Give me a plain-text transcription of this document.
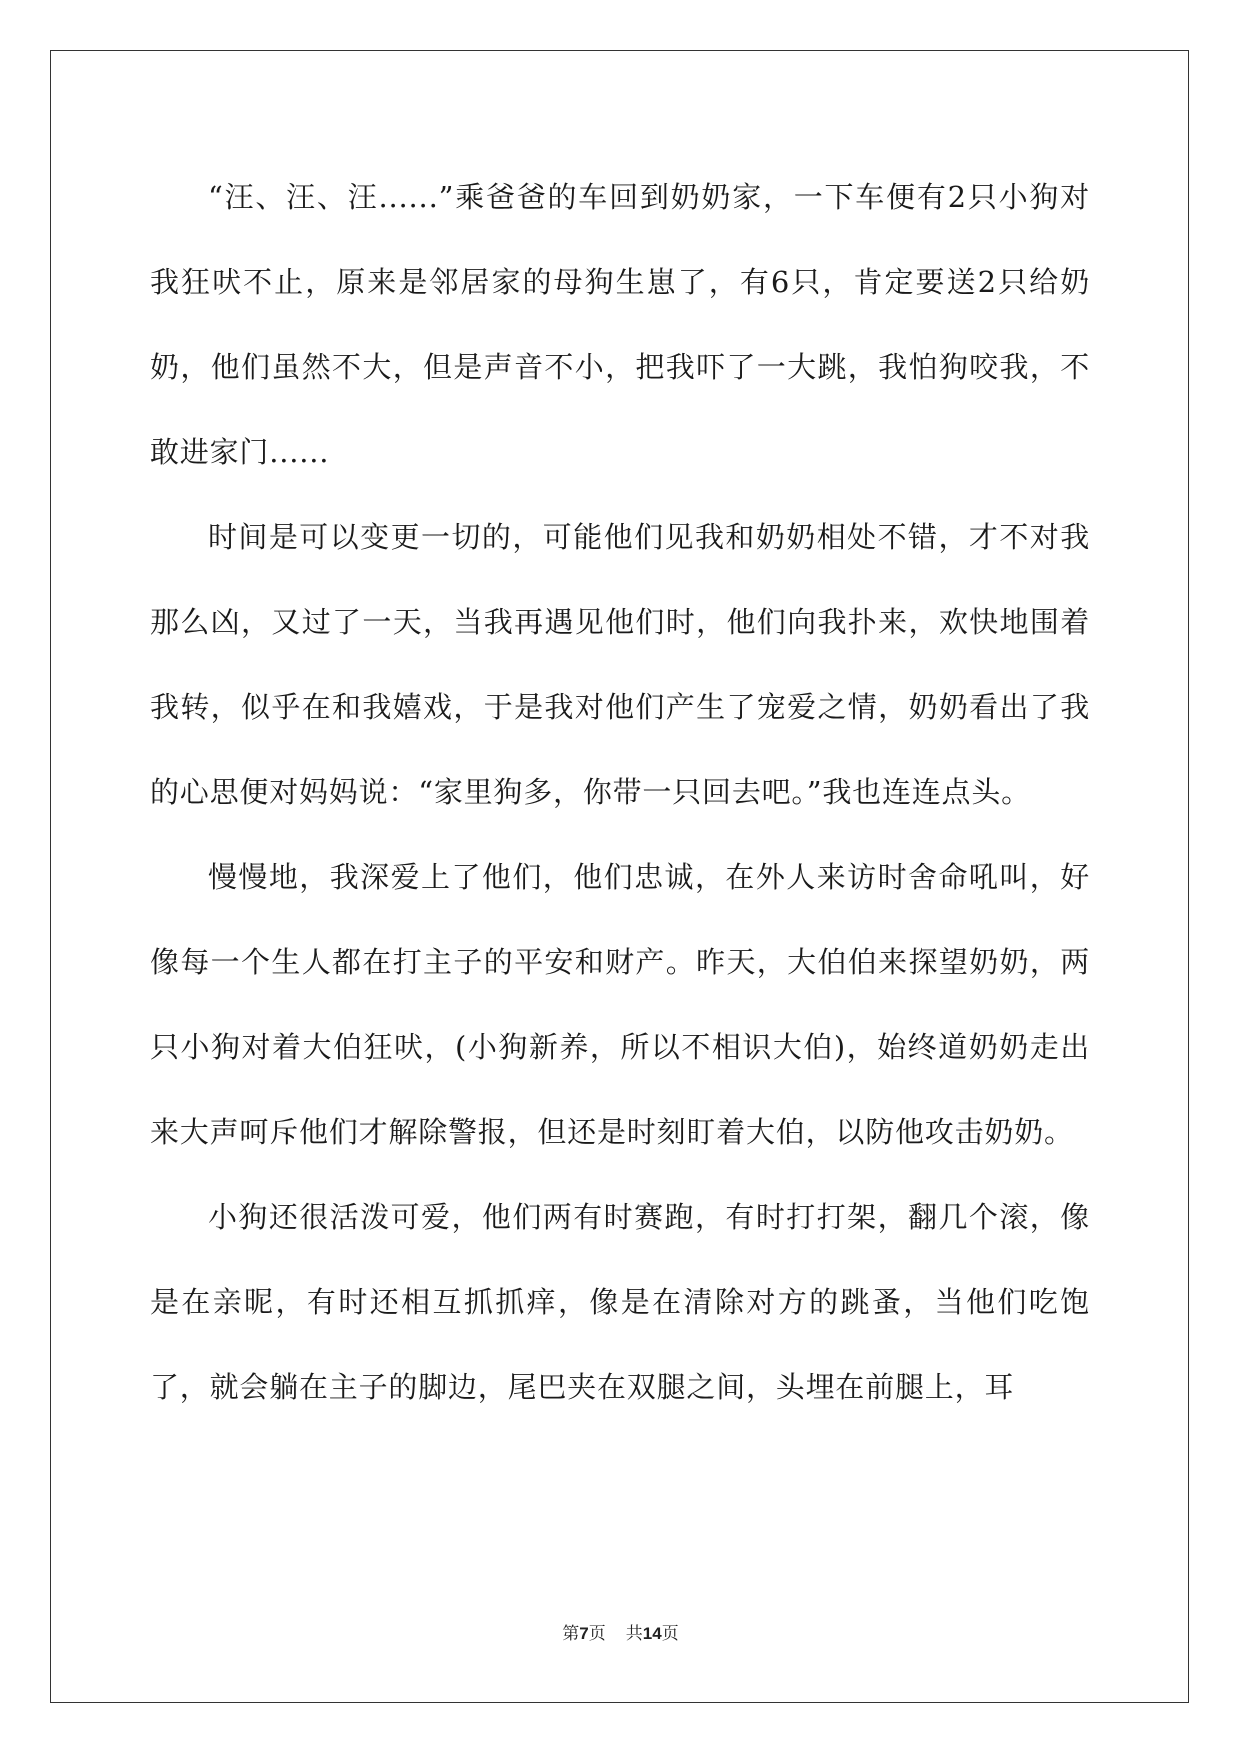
“汪、汪、汪......”乘爸爸的车回到奶奶家，一下车便有2只小狗对我狂吠不止，原来是邻居家的母狗生崽了，有6只，肯定要送2只给奶奶，他们虽然不大，但是声音不小，把我吓了一大跳，我怕狗咬我，不敢进家门......

时间是可以变更一切的，可能他们见我和奶奶相处不错，才不对我那么凶，又过了一天，当我再遇见他们时，他们向我扑来，欢快地围着我转，似乎在和我嬉戏，于是我对他们产生了宠爱之情，奶奶看出了我的心思便对妈妈说：“家里狗多，你带一只回去吧。”我也连连点头。

慢慢地，我深爱上了他们，他们忠诚，在外人来访时舍命吼叫，好像每一个生人都在打主子的平安和财产。昨天，大伯伯来探望奶奶，两只小狗对着大伯狂吠，(小狗新养，所以不相识大伯)，始终道奶奶走出来大声呵斥他们才解除警报，但还是时刻盯着大伯，以防他攻击奶奶。

小狗还很活泼可爱，他们两有时赛跑，有时打打架，翻几个滚，像是在亲昵，有时还相互抓抓痒，像是在清除对方的跳蚤，当他们吃饱了，就会躺在主子的脚边，尾巴夹在双腿之间，头埋在前腿上，耳

第7页 共14页
